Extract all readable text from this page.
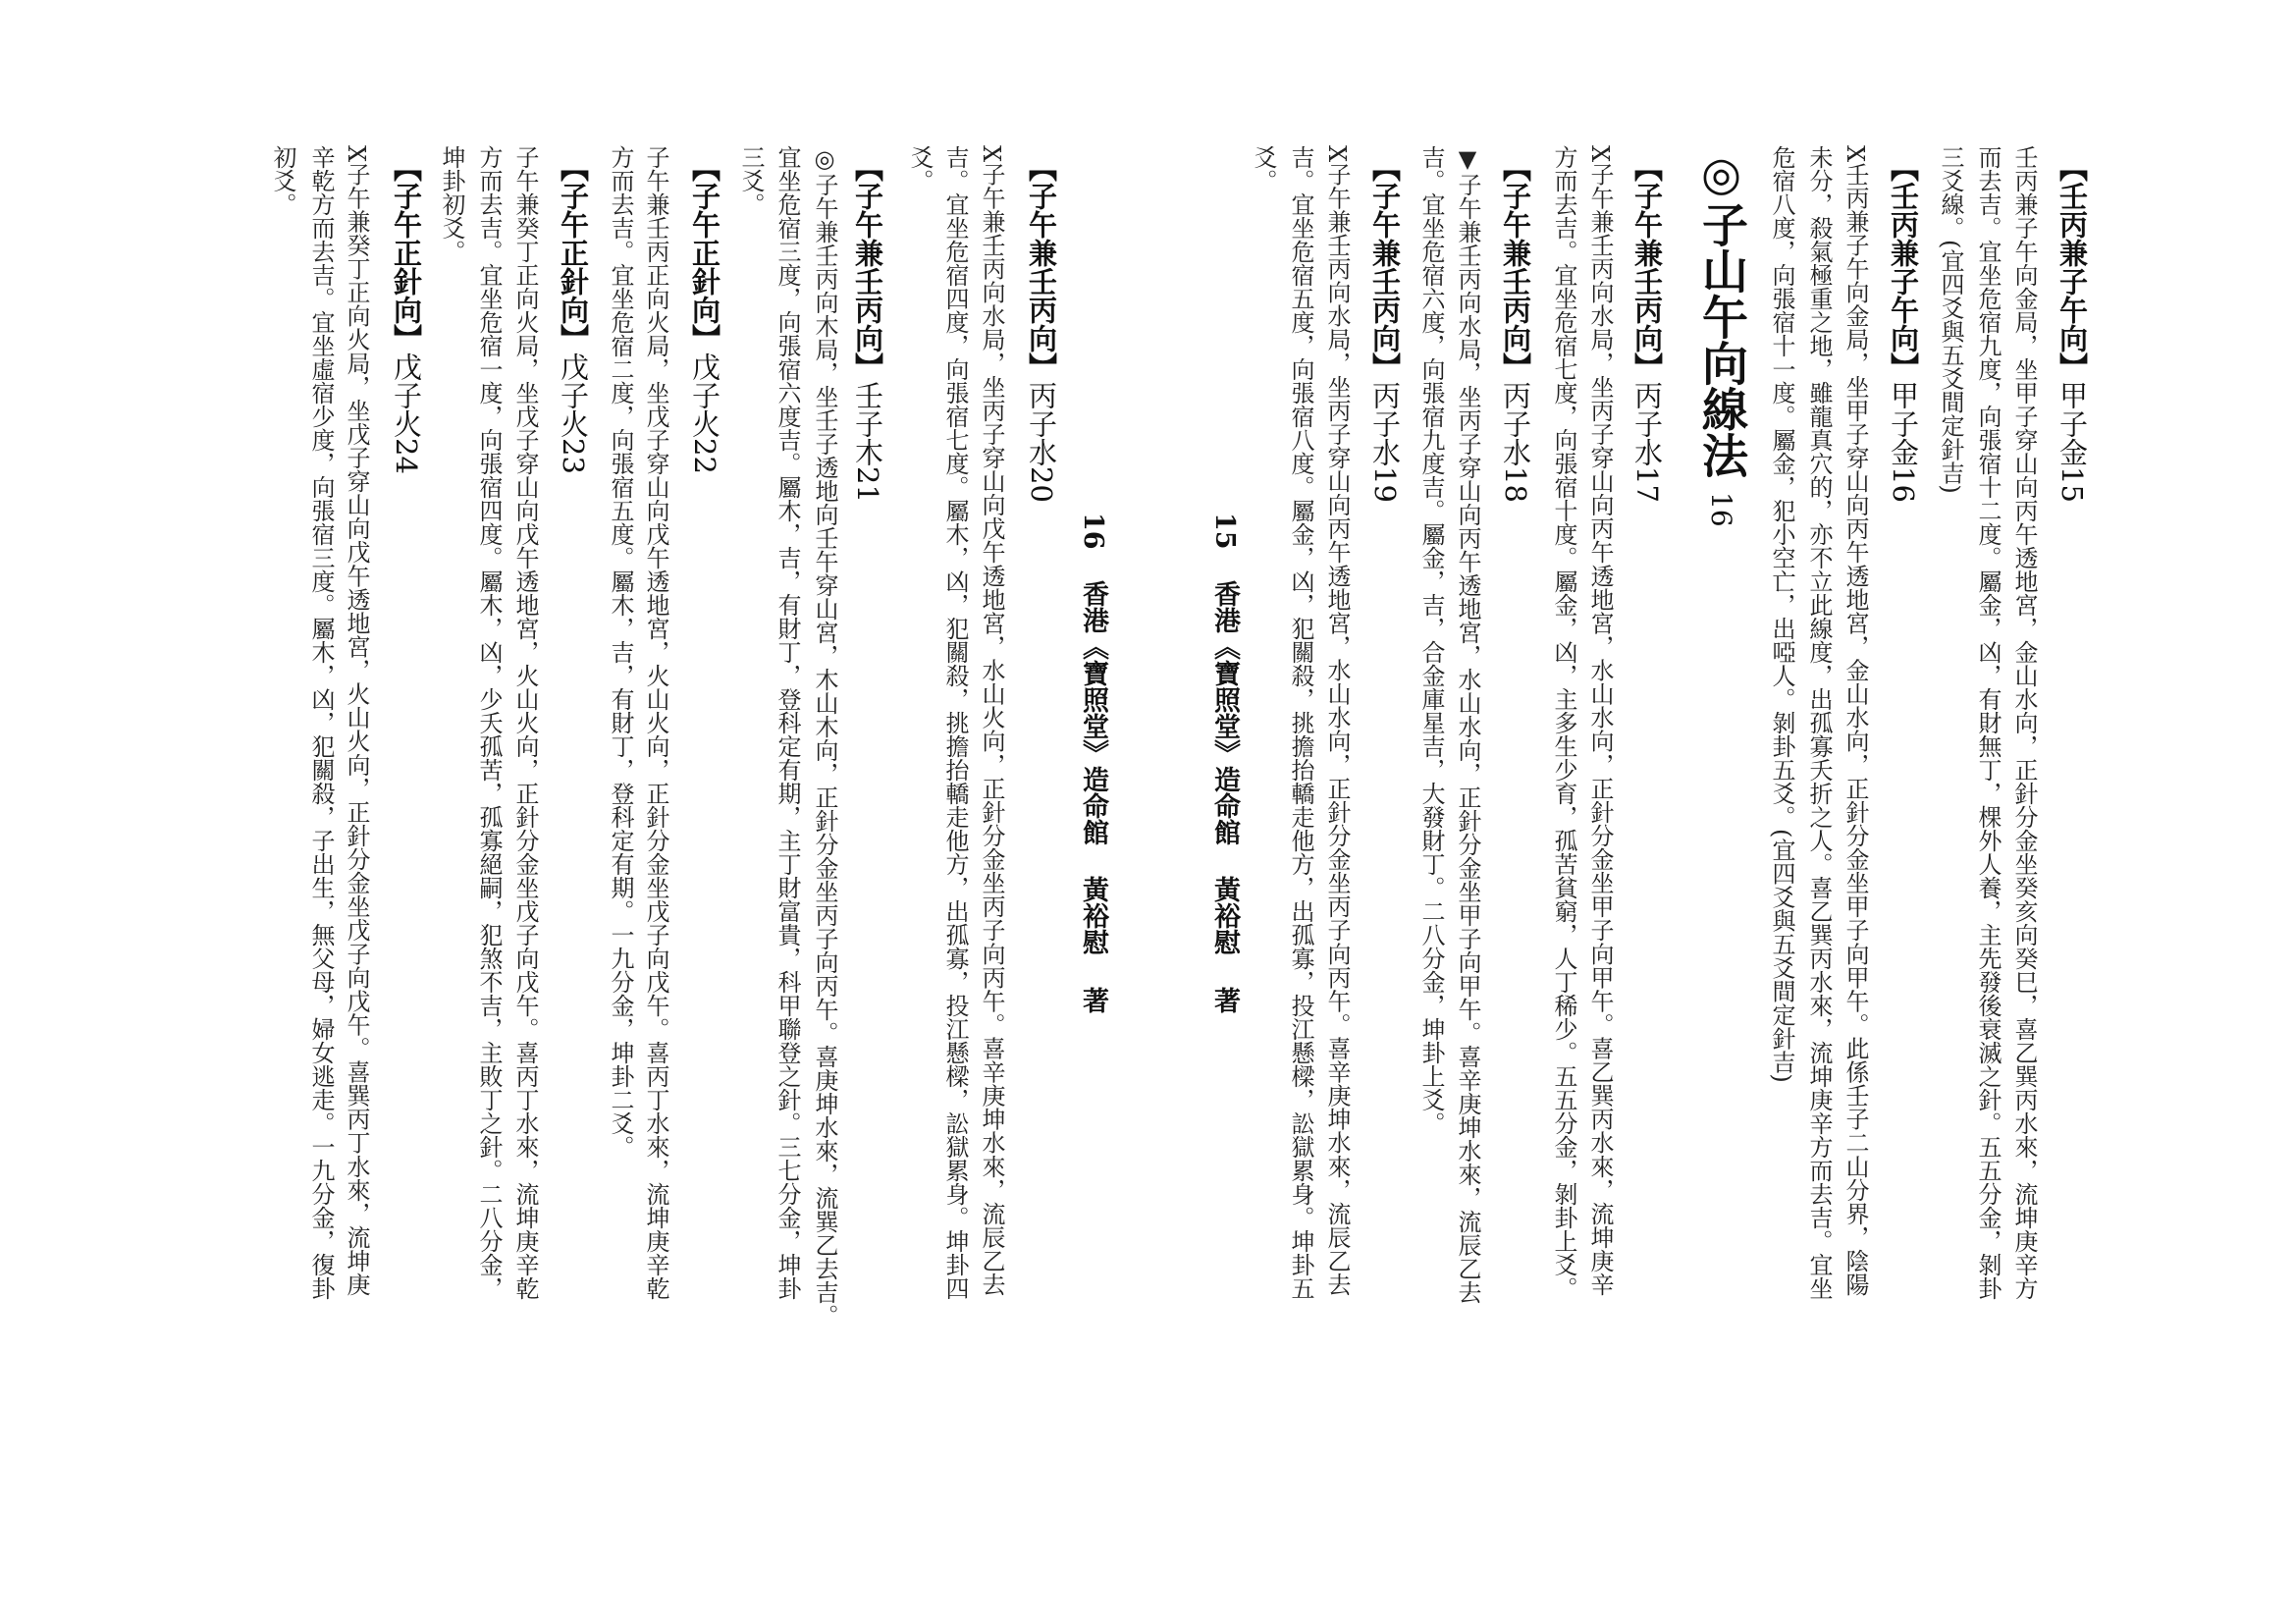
【壬丙兼子午向】甲子金15
壬丙兼子午向金局，坐甲子穿山向丙午透地宮，金山水向，正針分金坐癸亥向癸巳，喜乙巽丙水來，流坤庚辛方
而去吉。宜坐危宿九度，向張宿十二度。屬金，凶，有財無丁，棵外人養，主先發後衰滅之針。五五分金，剝卦
三爻線。(宜四爻與五爻間定針吉)
【壬丙兼子午向】甲子金16
X壬丙兼子午向金局，坐甲子穿山向丙午透地宮，金山水向，正針分金坐甲子向甲午。此係壬子二山分界，陰陽
未分，殺氣極重之地，雖龍真穴的，亦不立此線度，出孤寡夭折之人。喜乙巽丙水來，流坤庚辛方而去吉。宜坐
危宿八度，向張宿十一度。屬金，犯小空亡，出啞人。剝卦五爻。(宜四爻與五爻間定針吉)
◎子山午向線法16
【子午兼壬丙向】丙子水17
X子午兼壬丙向水局，坐丙子穿山向丙午透地宮，水山水向，正針分金坐甲子向甲午。喜乙巽丙水來，流坤庚辛
方而去吉。宜坐危宿七度，向張宿十度。屬金，凶，主多生少育，孤苦貧窮，人丁稀少。五五分金，剝卦上爻。
【子午兼壬丙向】丙子水18
▼子午兼壬丙向水局，坐丙子穿山向丙午透地宮，水山水向，正針分金坐甲子向甲午。喜辛庚坤水來，流辰乙去
吉。宜坐危宿六度，向張宿九度吉。屬金，吉，合金庫星吉，大發財丁。二八分金，坤卦上爻。
【子午兼壬丙向】丙子水19
X子午兼壬丙向水局，坐丙子穿山向丙午透地宮，水山水向，正針分金坐丙子向丙午。喜辛庚坤水來，流辰乙去
吉。宜坐危宿五度，向張宿八度。屬金，凶，犯關殺，挑擔抬轎走他方，出孤寡，投江懸樑，訟獄累身。坤卦五
爻。
15 香港《寶照堂》造命館 黃裕慰 著
16 香港《寶照堂》造命館 黃裕慰 著
【子午兼壬丙向】丙子水20
X子午兼壬丙向水局，坐丙子穿山向戊午透地宮，水山火向，正針分金坐丙子向丙午。喜辛庚坤水來，流辰乙去
吉。宜坐危宿四度，向張宿七度。屬木，凶，犯關殺，挑擔抬轎走他方，出孤寡，投江懸樑，訟獄累身。坤卦四
爻。
【子午兼壬丙向】壬子木21
◎子午兼壬丙向木局，坐壬子透地向壬午穿山宮，木山木向，正針分金坐丙子向丙午。喜庚坤水來，流巽乙去吉。
宜坐危宿三度，向張宿六度吉。屬木，吉，有財丁，登科定有期，主丁財富貴，科甲聯登之針。三七分金，坤卦
三爻。
【子午正針向】戊子火22
子午兼壬丙正向火局，坐戊子穿山向戊午透地宮，火山火向，正針分金坐戊子向戊午。喜丙丁水來，流坤庚辛乾
方而去吉。宜坐危宿二度，向張宿五度。屬木，吉，有財丁，登科定有期。一九分金，坤卦二爻。
【子午正針向】戊子火23
子午兼癸丁正向火局，坐戊子穿山向戊午透地宮，火山火向，正針分金坐戊子向戊午。喜丙丁水來，流坤庚辛乾
方而去吉。宜坐危宿一度，向張宿四度。屬木，凶，少夭孤苦，孤寡絕嗣，犯煞不吉，主敗丁之針。二八分金，
坤卦初爻。
【子午正針向】戊子火24
X子午兼癸丁正向火局，坐戊子穿山向戊午透地宮，火山火向，正針分金坐戊子向戊午。喜巽丙丁水來，流坤庚
辛乾方而去吉。宜坐虛宿少度，向張宿三度。屬木，凶，犯關殺，子出生，無父母，婦女逃走。一九分金，復卦
初爻。
